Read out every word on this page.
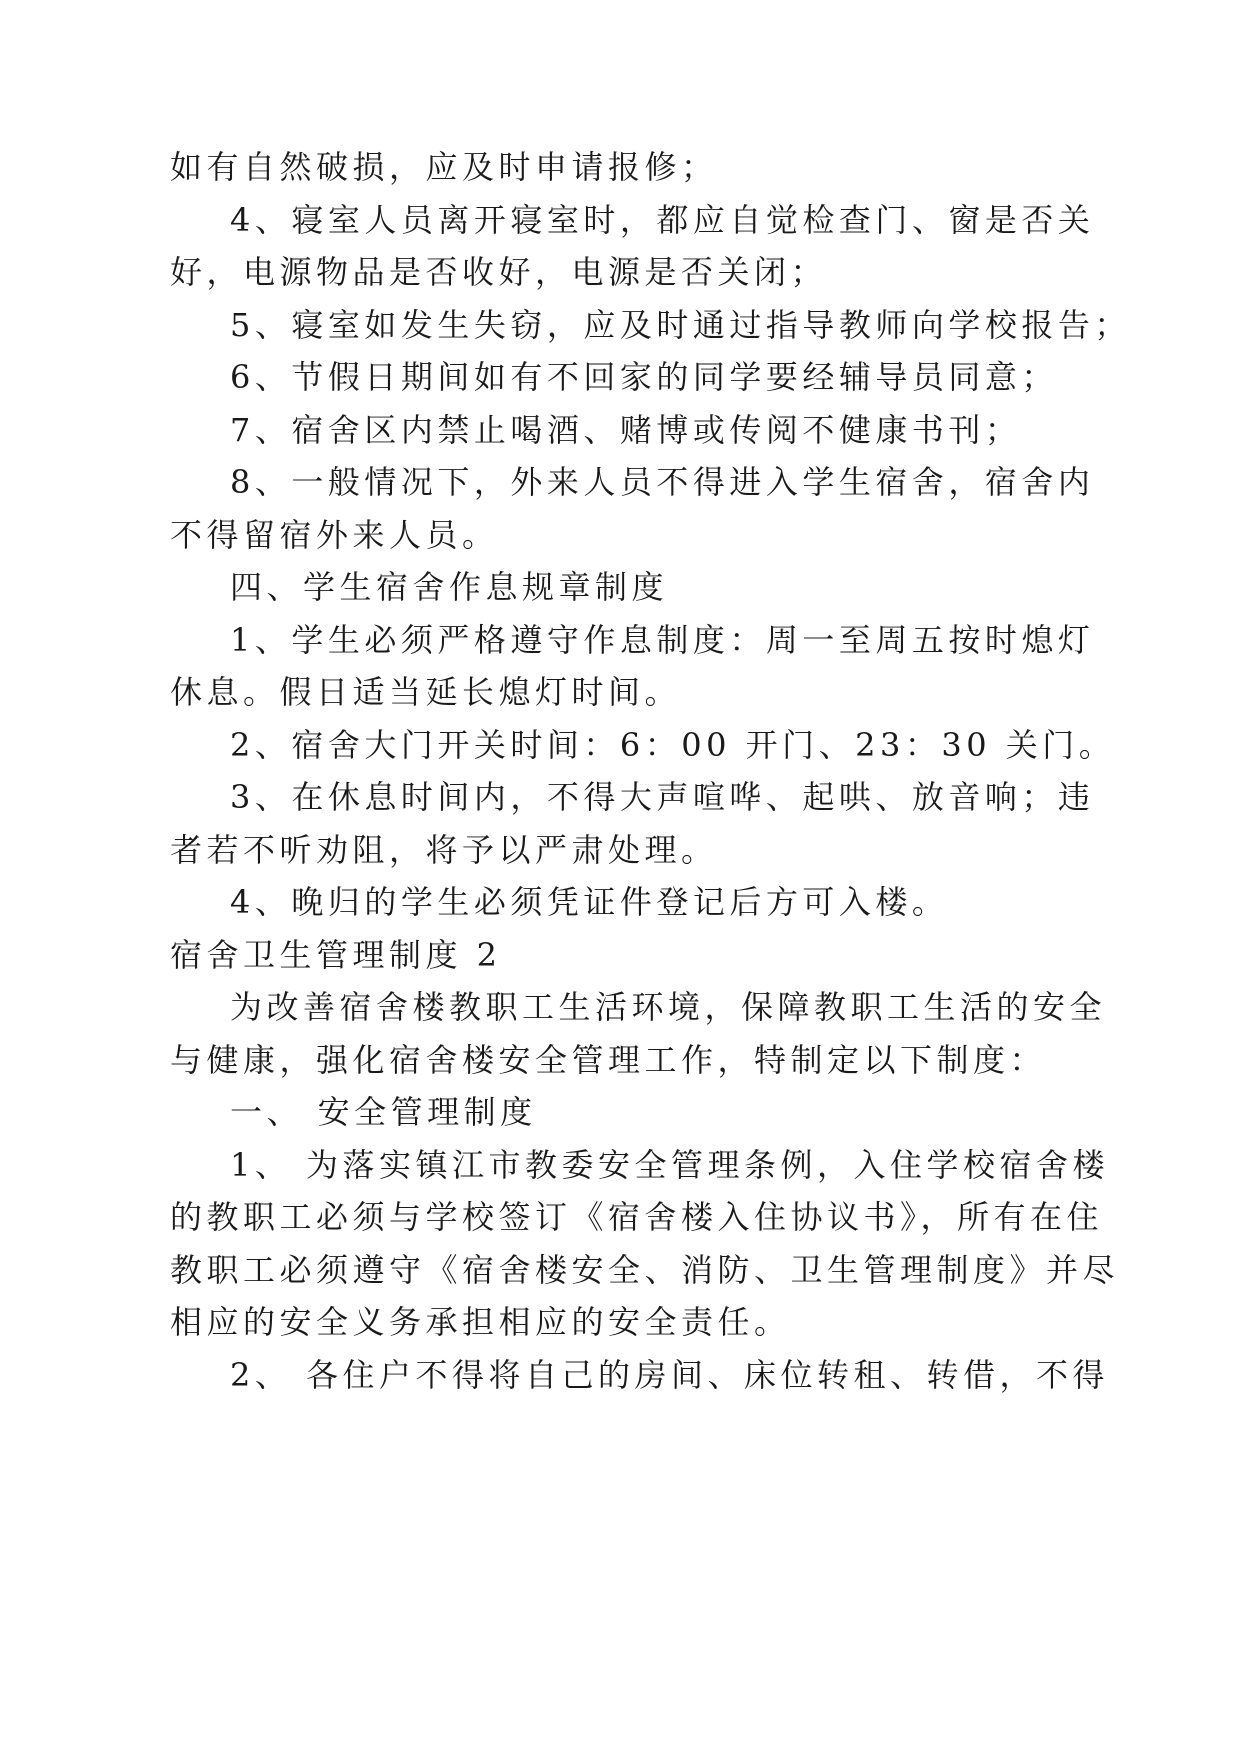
如有自然破损，应及时申请报修；
4、寝室人员离开寝室时，都应自觉检查门、窗是否关
好，电源物品是否收好，电源是否关闭；
5、寝室如发生失窃，应及时通过指导教师向学校报告；
6、节假日期间如有不回家的同学要经辅导员同意；
7、宿舍区内禁止喝酒、赌博或传阅不健康书刊；
8、一般情况下，外来人员不得进入学生宿舍，宿舍内
不得留宿外来人员。
四、学生宿舍作息规章制度
1、学生必须严格遵守作息制度：周一至周五按时熄灯
休息。假日适当延长熄灯时间。
2、宿舍大门开关时间：6：00 开门、23：30 关门。
3、在休息时间内，不得大声喧哗、起哄、放音响；违
者若不听劝阻，将予以严肃处理。
4、晚归的学生必须凭证件登记后方可入楼。
宿舍卫生管理制度 2
为改善宿舍楼教职工生活环境，保障教职工生活的安全
与健康，强化宿舍楼安全管理工作，特制定以下制度：
一、 安全管理制度
1、 为落实镇江市教委安全管理条例，入住学校宿舍楼
的教职工必须与学校签订《宿舍楼入住协议书》，所有在住
教职工必须遵守《宿舍楼安全、消防、卫生管理制度》并尽
相应的安全义务承担相应的安全责任。
2、 各住户不得将自己的房间、床位转租、转借，不得
